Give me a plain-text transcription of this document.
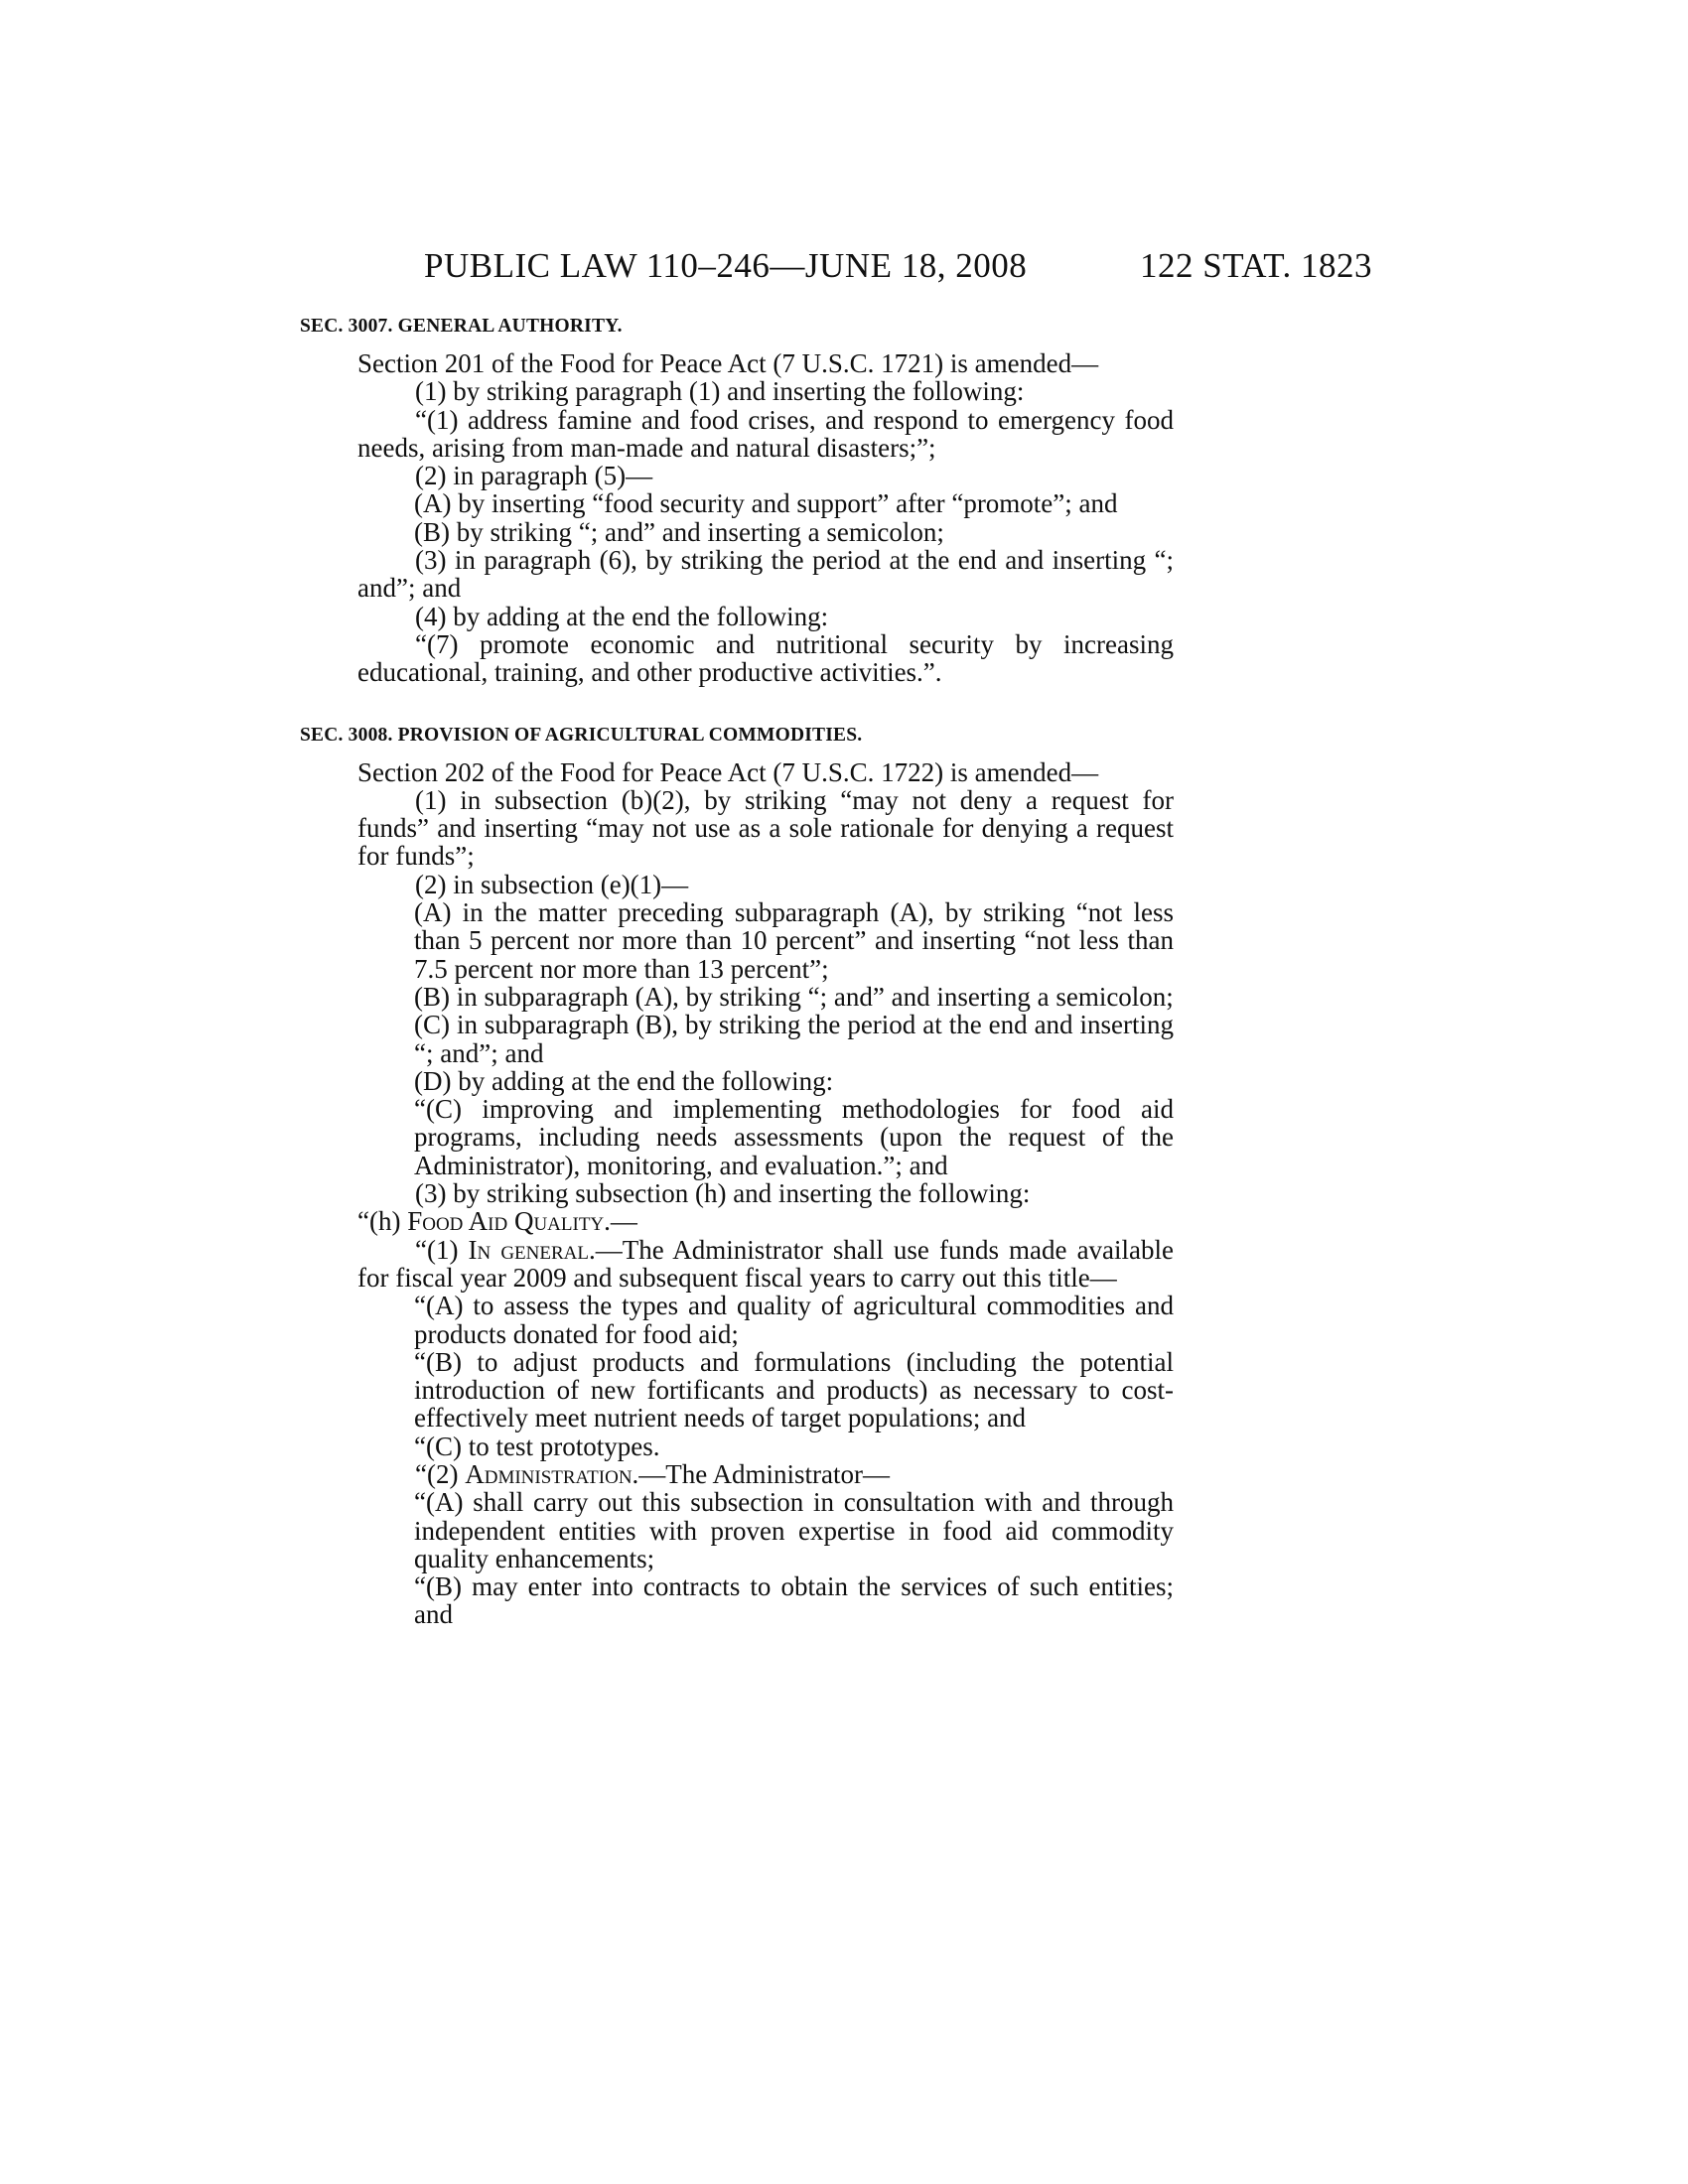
PUBLIC LAW 110–246—JUNE 18, 2008	122 STAT. 1823
SEC. 3007. GENERAL AUTHORITY.

Section 201 of the Food for Peace Act (7 U.S.C. 1721) is amended—

(1) by striking paragraph (1) and inserting the following:

“(1) address famine and food crises, and respond to emergency food needs, arising from man-made and natural disasters;”;

(2) in paragraph (5)—

(A) by inserting “food security and support” after “promote”; and

(B) by striking “; and” and inserting a semicolon;

(3) in paragraph (6), by striking the period at the end and inserting “; and”; and

(4) by adding at the end the following:

“(7) promote economic and nutritional security by increasing educational, training, and other productive activities.”.

SEC. 3008. PROVISION OF AGRICULTURAL COMMODITIES.

Section 202 of the Food for Peace Act (7 U.S.C. 1722) is amended—

(1) in subsection (b)(2), by striking “may not deny a request for funds” and inserting “may not use as a sole rationale for denying a request for funds”;

(2) in subsection (e)(1)—

(A) in the matter preceding subparagraph (A), by striking “not less than 5 percent nor more than 10 percent” and inserting “not less than 7.5 percent nor more than 13 percent”;

(B) in subparagraph (A), by striking “; and” and inserting a semicolon;

(C) in subparagraph (B), by striking the period at the end and inserting “; and”; and

(D) by adding at the end the following:

“(C) improving and implementing methodologies for food aid programs, including needs assessments (upon the request of the Administrator), monitoring, and evaluation.”; and

(3) by striking subsection (h) and inserting the following:

“(h) Food Aid Quality.—

“(1) In general.—The Administrator shall use funds made available for fiscal year 2009 and subsequent fiscal years to carry out this title—

“(A) to assess the types and quality of agricultural commodities and products donated for food aid;

“(B) to adjust products and formulations (including the potential introduction of new fortificants and products) as necessary to cost-effectively meet nutrient needs of target populations; and

“(C) to test prototypes.

“(2) Administration.—The Administrator—

“(A) shall carry out this subsection in consultation with and through independent entities with proven expertise in food aid commodity quality enhancements;

“(B) may enter into contracts to obtain the services of such entities; and
